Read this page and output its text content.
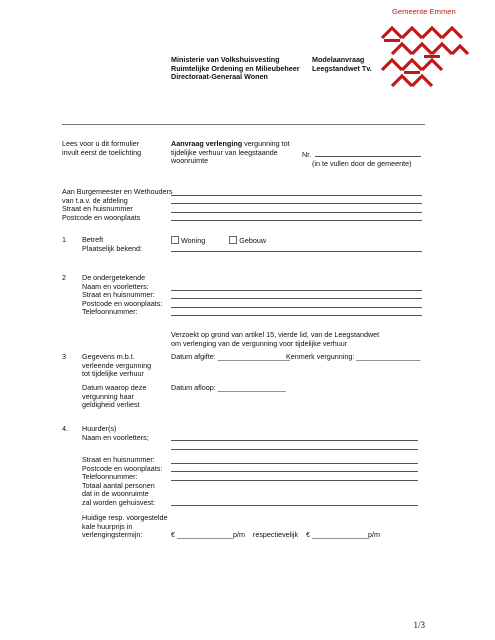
Gemeente Emmen
Ministerie van Volkshuisvesting
Ruimtelijke Ordening en Milieubeheer
Directoraat-Generaal Wonen
Modelaanvraag
Leegstandwet Tv.
Lees voor u dit formulier
invult eerst de toelichting
Aanvraag verlenging vergunning tot
tijdelijke verhuur van leegstaande
woonruimte
Nr.
(in te vullen door de gemeente)
Aan Burgemeester en Wethouders
van t.a.v. de afdeling
Straat en huisnummer
Postcode en woonplaats
1 Betreft
Plaatselijk bekend:
Woning	Gebouw
2 De ondergetekende
Naam en voorletters:
Straat en huisnummer:
Postcode en woonplaats:
Telefoonnummer:
Verzoekt op grond van artikel 15, vierde lid, van de Leegstandwet
om verlenging van de vergunning voor tijdelijke verhuur
3 Gegevens m.b.t.
verleende vergunning
tot tijdelijke verhuur
Datum afgifte: __________________
Kenmerk vergunning: ________________
Datum waarop deze
vergunning haar
geldigheid verliest
Datum afloop: _________________
4. Huurder(s)
Naam en voorletters;
Straat en huisnummer:
Postcode en woonplaats:
Telefoonnummer:
Totaal aantal personen
dat in de woonruimte
zal worden gehuisvest:
Huidige resp. voorgestelde
kale huurprijs in
verlengingstermijn:	€ ______________p/m    respectievelijk    € ______________p/m
1/3
